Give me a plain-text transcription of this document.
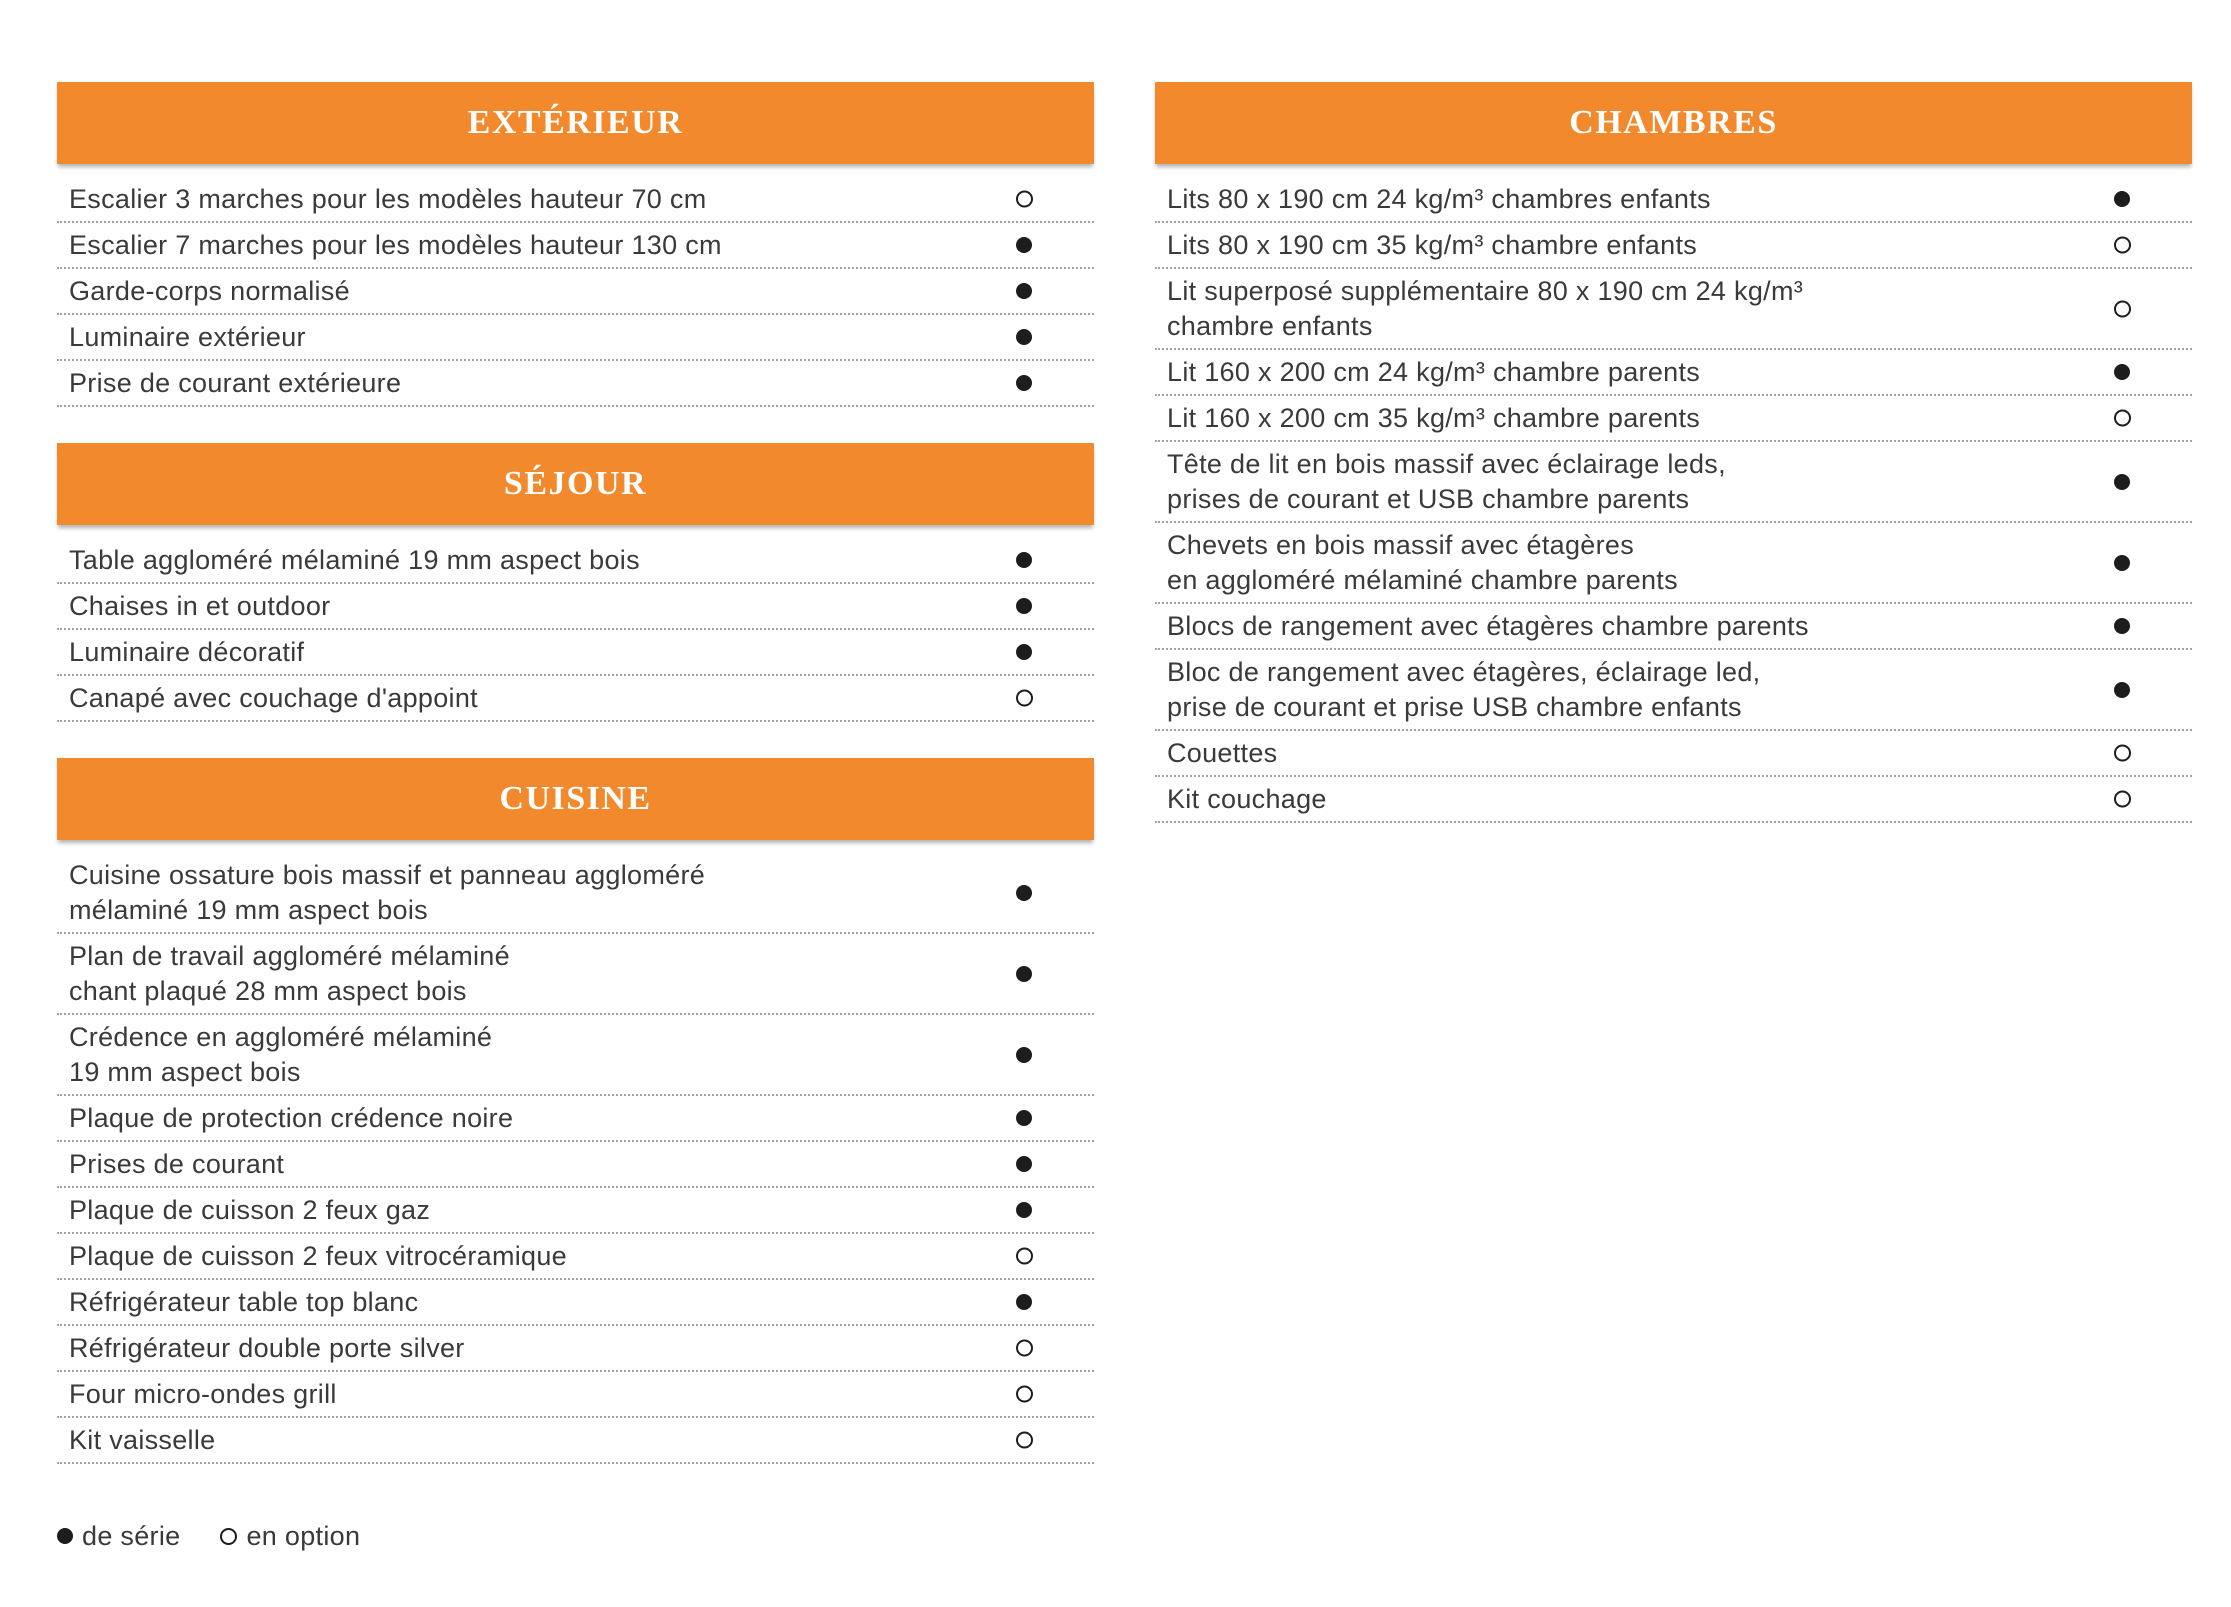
EXTÉRIEUR
Escalier 3 marches pour les modèles hauteur 70 cm
Escalier 7 marches pour les modèles hauteur 130 cm
Garde-corps normalisé
Luminaire extérieur
Prise de courant extérieure
SÉJOUR
Table aggloméré mélaminé 19 mm aspect bois
Chaises in et outdoor
Luminaire décoratif
Canapé avec couchage d'appoint
CUISINE
Cuisine ossature bois massif et panneau aggloméré
mélaminé 19 mm aspect bois
Plan de travail aggloméré mélaminé
chant plaqué 28 mm aspect bois
Crédence en aggloméré mélaminé
19 mm aspect bois
Plaque de protection crédence noire
Prises de courant
Plaque de cuisson 2 feux gaz
Plaque de cuisson 2 feux vitrocéramique
Réfrigérateur table top blanc
Réfrigérateur double porte silver
Four micro-ondes grill
Kit vaisselle
CHAMBRES
Lits 80 x 190 cm 24 kg/m³ chambres enfants
Lits 80 x 190 cm 35 kg/m³ chambre enfants
Lit superposé supplémentaire 80 x 190 cm 24 kg/m³
chambre enfants
Lit 160 x 200 cm 24 kg/m³ chambre parents
Lit 160 x 200 cm 35 kg/m³ chambre parents
Tête de lit en bois massif avec éclairage leds,
prises de courant et USB chambre parents
Chevets en bois massif avec étagères
en aggloméré mélaminé chambre parents
Blocs de rangement avec étagères chambre parents
Bloc de rangement avec étagères, éclairage led,
prise de courant et prise USB chambre enfants
Couettes
Kit couchage
de série en option
